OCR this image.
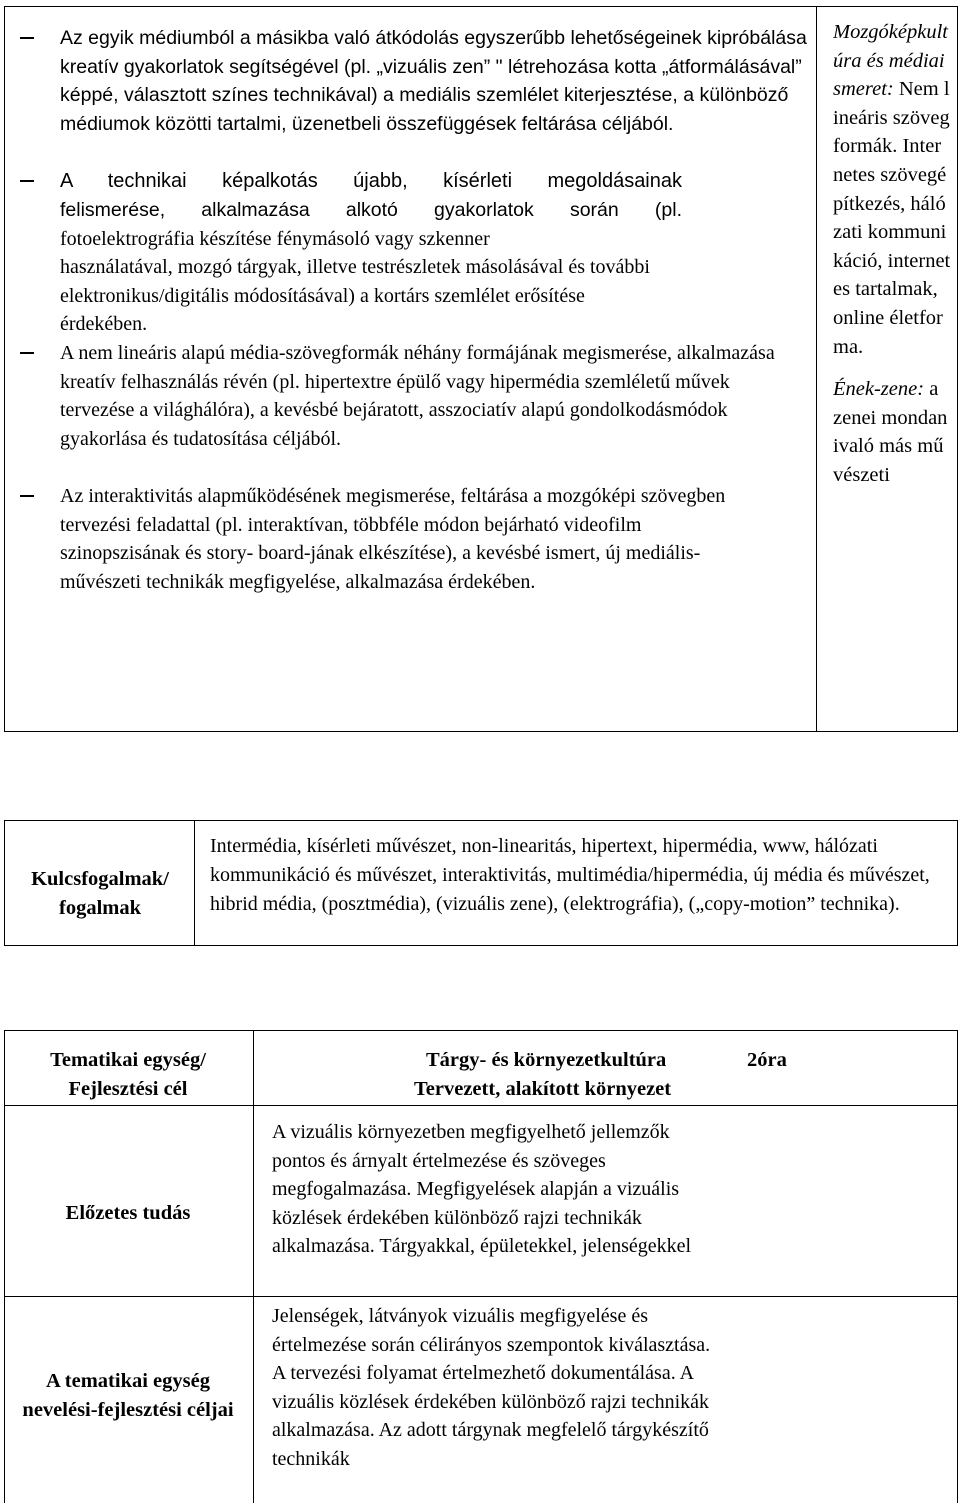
Az egyik médiumból a másikba való átkódolás egyszerűbb lehetőségeinek kipróbálása kreatív gyakorlatok segítségével (pl. „vizuális zen” " létrehozása kotta „átformálásával” képpé, választott színes technikával) a mediális szemlélet kiterjesztése, a különböző médiumok közötti tartalmi, üzenetbeli összefüggések feltárása céljából.
A technikai képalkotás újabb, kísérleti megoldásainak
felismerése, alkalmazása alkotó gyakorlatok során (pl.
fotoelektrográfia készítése fénymásoló vagy szkenner
használatával, mozgó tárgyak, illetve testrészletek másolásával és további
elektronikus/digitális módosításával) a kortárs szemlélet erősítése
érdekében.
A nem lineáris alapú média-szövegformák néhány formájának megismerése, alkalmazása kreatív felhasználás révén (pl. hipertextre épülő vagy hipermédia szemléletű művek tervezése a világhálóra), a kevésbé bejáratott, asszociatív alapú gondolkodásmódok gyakorlása és tudatosítása céljából.
Az interaktivitás alapműködésének megismerése, feltárása a mozgóképi szövegben tervezési feladattal (pl. interaktívan, többféle módon bejárható videofilm szinopszisának és story- board-jának elkészítése), a kevésbé ismert, új mediális-művészeti technikák megfigyelése, alkalmazása érdekében.
Mozgóképkultúra és médiaismeret: Nem lineáris szövegformák. Internetes szövegépítkezés, hálózati kommunikáció, internetes tartalmak, online életforma.
Ének-zene: a zenei mondanivaló más művészeti
Kulcsfogalmak/ fogalmak
Intermédia, kísérleti művészet, non-linearitás, hipertext, hipermédia, www, hálózati kommunikáció és művészet, interaktivitás, multimédia/hipermédia, új média és művészet, hibrid média, (posztmédia), (vizuális zene), (elektrográfia), („copy-motion” technika).
Tematikai egység/ Fejlesztési cél
Tárgy- és környezetkultúra	2óra
Tervezett, alakított környezet
Előzetes tudás
A vizuális környezetben megfigyelhető jellemzők pontos és árnyalt értelmezése és szöveges megfogalmazása. Megfigyelések alapján a vizuális közlések érdekében különböző rajzi technikák alkalmazása. Tárgyakkal, épületekkel, jelenségekkel
A tematikai egység nevelési-fejlesztési céljai
Jelenségek, látványok vizuális megfigyelése és értelmezése során célirányos szempontok kiválasztása. A tervezési folyamat értelmezhető dokumentálása. A vizuális közlések érdekében különböző rajzi technikák alkalmazása. Az adott tárgynak megfelelő tárgykészítő technikák
